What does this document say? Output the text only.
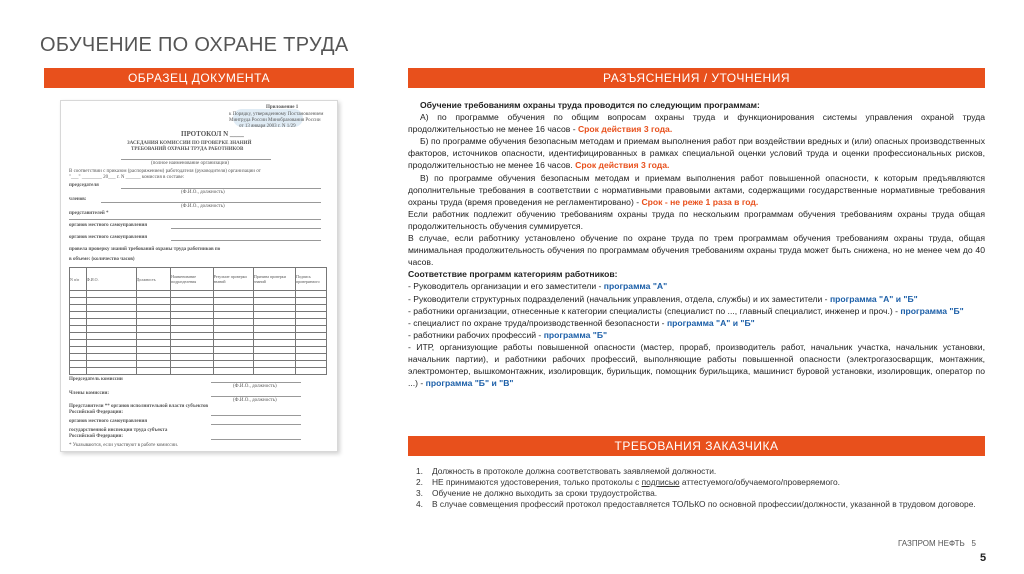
ОБУЧЕНИЕ ПО ОХРАНЕ ТРУДА
ОБРАЗЕЦ ДОКУМЕНТА	РАЗЪЯСНЕНИЯ / УТОЧНЕНИЯ
ТРЕБОВАНИЯ ЗАКАЗЧИКА
Приложение 1
к Порядку, утвержденному Постановлением
Минтруда России Минобразования России
от 13 января 2003 г. N 1/29
ПРОТОКОЛ N ____
ЗАСЕДАНИЯ КОМИССИИ ПО ПРОВЕРКЕ ЗНАНИЙ
ТРЕБОВАНИЙ ОХРАНЫ ТРУДА РАБОТНИКОВ
(полное наименование организации)
В соответствии с приказом (распоряжением) работодателя (руководителя) организации от
"___" ________ 20___ г. N ______ комиссия в составе:
председателя
(Ф.И.О., должность)
членов:
(Ф.И.О., должность)
представителей *
органов местного самоуправления
органов местного самоуправления
провела проверку знаний требований охраны труда работников по
в объеме: (количество часов)
N п/п	Ф.И.О.	Должность	Наименование подразделения	Результат проверки знаний	Причина проверки знаний	Подпись проверяемого

Председатель комиссии
(Ф.И.О., должность)
Члены комиссии:
(Ф.И.О., должность)
Представители ** органов исполнительной власти субъектов
Российской Федерации:
органов местного самоуправления
государственной инспекции труда субъекта
Российской Федерации:
* Указываются, если участвуют в работе комиссии.

Обучение требованиям охраны труда проводится по следующим программам:

А) по программе обучения по общим вопросам охраны труда и функционирования системы управления охраной труда продолжительностью не менее 16 часов - Срок действия 3 года.

Б) по программе обучения безопасным методам и приемам выполнения работ при воздействии вредных и (или) опасных производственных факторов, источников опасности, идентифицированных в рамках специальной оценки условий труда и оценки профессиональных рисков, продолжительностью не менее 16 часов. Срок действия 3 года.

В) по программе обучения безопасным методам и приемам выполнения работ повышенной опасности, к которым предъявляются дополнительные требования в соответствии с нормативными правовыми актами, содержащими государственные нормативные требования охраны труда (время проведения не регламентировано) - Срок - не реже 1 раза в год.

Если работник подлежит обучению требованиям охраны труда по нескольким программам обучения требованиям охраны труда общая продолжительность обучения суммируется.

В случае, если работнику установлено обучение по охране труда по трем программам обучения требованиям охраны труда, общая минимальная продолжительность обучения по программам обучения требованиям охраны труда может быть снижена, но не менее чем до 40 часов.

Соответствие программ категориям работников:

- Руководитель организации и его заместители - программа "А"

- Руководители структурных подразделений (начальник управления, отдела, службы) и их заместители - программа "А" и "Б"

- работники организации, отнесенные к категории специалисты (специалист по ..., главный специалист, инженер и проч.) - программа "Б"

- специалист по охране труда/производственной безопасности - программа "А" и "Б"

- работники рабочих профессий - программа "Б"

- ИТР, организующие работы повышенной опасности (мастер, прораб, производитель работ, начальник участка, начальник установки, начальник партии), и работники рабочих профессий, выполняющие работы повышенной опасности (электрогазосварщик, монтажник, электромонтер, вышкомонтажник, изолировщик, бурильщик, помощник бурильщика, машинист буровой установки, изолировщик, оператор по ...) - программа "Б" и "В"

1.	Должность в протоколе должна соответствовать заявляемой должности.
2.	НЕ принимаются удостоверения, только протоколы с подписью аттестуемого/обучаемого/проверяемого.
3.	Обучение не должно выходить за сроки трудоустройства.
4.	В случае совмещения профессий протокол предоставляется ТОЛЬКО по основной профессии/должности, указанной в трудовом договоре.
ГАЗПРОМ НЕФТЬ 5
5
